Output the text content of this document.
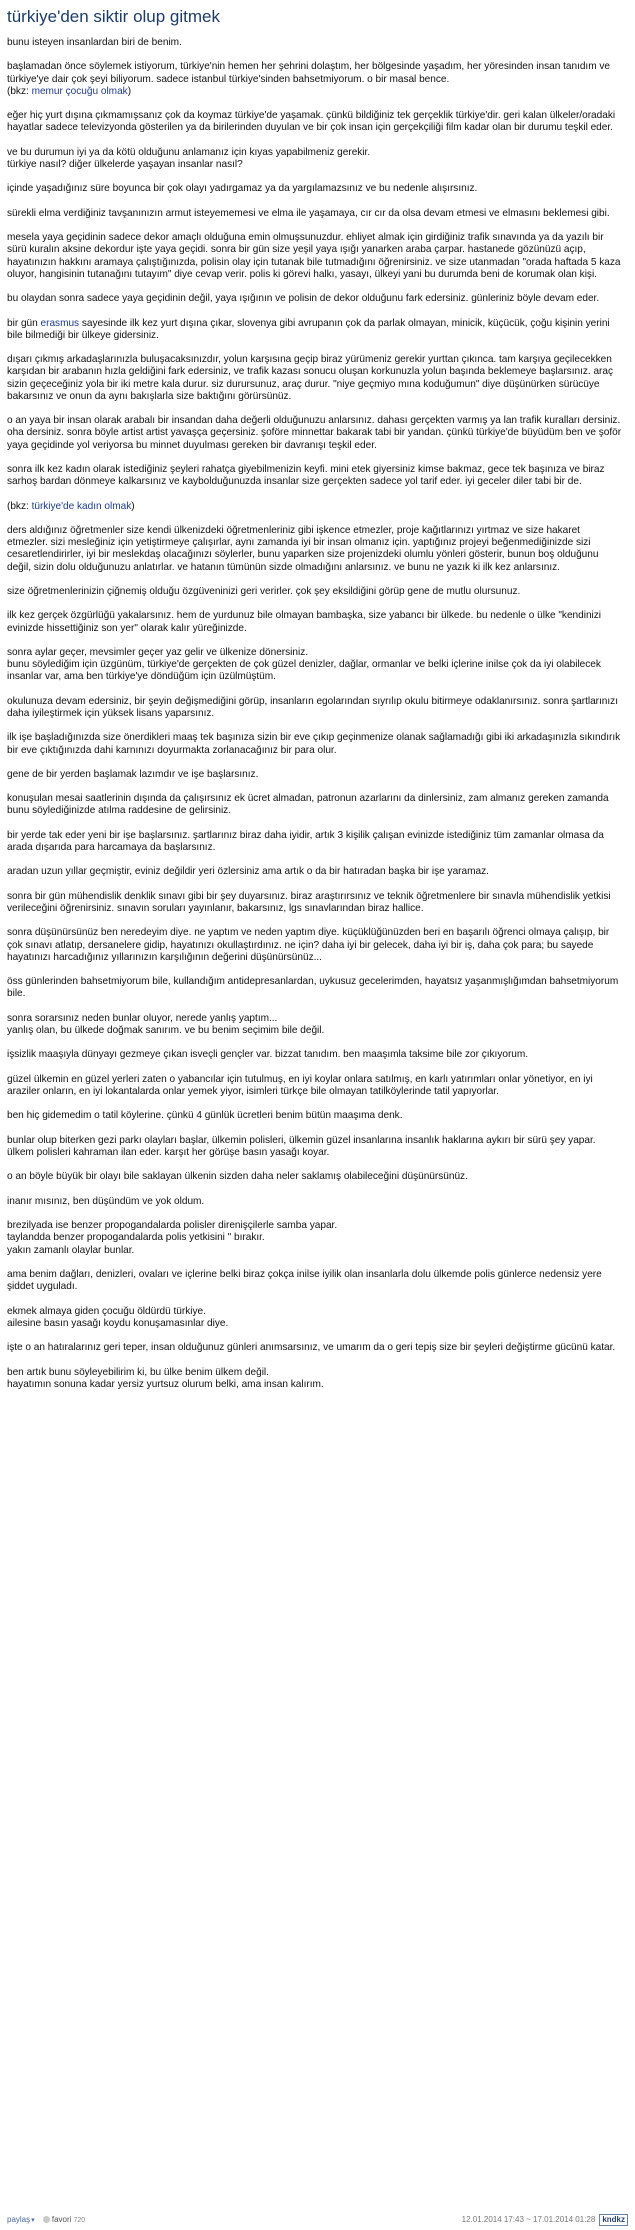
türkiye'den siktir olup gitmek

bunu isteyen insanlardan biri de benim.

başlamadan önce söylemek istiyorum, türkiye'nin hemen her şehrini dolaştım, her bölgesinde yaşadım, her yöresinden insan tanıdım ve türkiye'ye dair çok şeyi biliyorum. sadece istanbul türkiye'sinden bahsetmiyorum. o bir masal bence.
(bkz: memur çocuğu olmak)

eğer hiç yurt dışına çıkmamışsanız çok da koymaz türkiye'de yaşamak. çünkü bildiğiniz tek gerçeklik türkiye'dir. geri kalan ülkeler/oradaki hayatlar sadece televizyonda gösterilen ya da birilerinden duyulan ve bir çok insan için gerçekçiliği film kadar olan bir durumu teşkil eder.

ve bu durumun iyi ya da kötü olduğunu anlamanız için kıyas yapabilmeniz gerekir.
türkiye nasıl? diğer ülkelerde yaşayan insanlar nasıl?

içinde yaşadığınız süre boyunca bir çok olayı yadırgamaz ya da yargılamazsınız ve bu nedenle alışırsınız.

sürekli elma verdiğiniz tavşanınızın armut isteyememesi ve elma ile yaşamaya, cır cır da olsa devam etmesi ve elmasını beklemesi gibi.

mesela yaya geçidinin sadece dekor amaçlı olduğuna emin olmuşsunuzdur. ehliyet almak için girdiğiniz trafik sınavında ya da yazılı bir sürü kuralın aksine dekordur işte yaya geçidi. sonra bir gün size yeşil yaya ışığı yanarken araba çarpar. hastanede gözünüzü açıp, hayatınızın hakkını aramaya çalıştığınızda, polisin olay için tutanak bile tutmadığını öğrenirsiniz. ve size utanmadan "orada haftada 5 kaza oluyor, hangisinin tutanağını tutayım" diye cevap verir. polis ki görevi halkı, yasayı, ülkeyi yani bu durumda beni de korumak olan kişi.

bu olaydan sonra sadece yaya geçidinin değil, yaya ışığının ve polisin de dekor olduğunu fark edersiniz. günleriniz böyle devam eder.

bir gün erasmus sayesinde ilk kez yurt dışına çıkar, slovenya gibi avrupanın çok da parlak olmayan, minicik, küçücük, çoğu kişinin yerini bile bilmediği bir ülkeye gidersiniz.

dışarı çıkmış arkadaşlarınızla buluşacaksınızdır, yolun karşısına geçip biraz yürümeniz gerekir yurttan çıkınca. tam karşıya geçilecekken karşıdan bir arabanın hızla geldiğini fark edersiniz, ve trafik kazası sonucu oluşan korkunuzla yolun başında beklemeye başlarsınız. araç sizin geçeceğiniz yola bir iki metre kala durur. siz durursunuz, araç durur. "niye geçmiyo mına koduğumun" diye düşünürken sürücüye bakarsınız ve onun da aynı bakışlarla size baktığını görürsünüz.

o an yaya bir insan olarak arabalı bir insandan daha değerli olduğunuzu anlarsınız. dahası gerçekten varmış ya lan trafik kuralları dersiniz. oha dersiniz. sonra böyle artist artist yavaşça geçersiniz. şoföre minnettar bakarak tabi bir yandan. çünkü türkiye'de büyüdüm ben ve şoför yaya geçidinde yol veriyorsa bu minnet duyulması gereken bir davranışı teşkil eder.

sonra ilk kez kadın olarak istediğiniz şeyleri rahatça giyebilmenizin keyfi. mini etek giyersiniz kimse bakmaz, gece tek başınıza ve biraz sarhoş bardan dönmeye kalkarsınız ve kaybolduğunuzda insanlar size gerçekten sadece yol tarif eder. iyi geceler diler tabi bir de.

(bkz: türkiye'de kadın olmak)

ders aldığınız öğretmenler size kendi ülkenizdeki öğretmenleriniz gibi işkence etmezler, proje kağıtlarınızı yırtmaz ve size hakaret etmezler. sizi mesleğiniz için yetiştirmeye çalışırlar, aynı zamanda iyi bir insan olmanız için. yaptığınız projeyi beğenmediğinizde sizi cesaretlendirirler, iyi bir meslekdaş olacağınızı söylerler, bunu yaparken size projenizdeki olumlu yönleri gösterir, bunun boş olduğunu değil, sizin dolu olduğunuzu anlatırlar. ve hatanın tümünün sizde olmadığını anlarsınız. ve bunu ne yazık ki ilk kez anlarsınız.

size öğretmenlerinizin çiğnemiş olduğu özgüveninizi geri verirler. çok şey eksildiğini görüp gene de mutlu olursunuz.

ilk kez gerçek özgürlüğü yakalarsınız. hem de yurdunuz bile olmayan bambaşka, size yabancı bir ülkede. bu nedenle o ülke "kendinizi evinizde hissettiğiniz son yer" olarak kalır yüreğinizde.

sonra aylar geçer, mevsimler geçer yaz gelir ve ülkenize dönersiniz.
bunu söylediğim için üzgünüm, türkiye'de gerçekten de çok güzel denizler, dağlar, ormanlar ve belki içlerine inilse çok da iyi olabilecek insanlar var, ama ben türkiye'ye döndüğüm için üzülmüştüm.

okulunuza devam edersiniz, bir şeyin değişmediğini görüp, insanların egolarından sıyrılıp okulu bitirmeye odaklanırsınız. sonra şartlarınızı daha iyileştirmek için yüksek lisans yaparsınız.

ilk işe başladığınızda size önerdikleri maaş tek başınıza sizin bir eve çıkıp geçinmenize olanak sağlamadığı gibi iki arkadaşınızla sıkındırık bir eve çıktığınızda dahi karnınızı doyurmakta zorlanacağınız bir para olur.

gene de bir yerden başlamak lazımdır ve işe başlarsınız.

konuşulan mesai saatlerinin dışında da çalışırsınız ek ücret almadan, patronun azarlarını da dinlersiniz, zam almanız gereken zamanda bunu söylediğinizde atılma raddesine de gelirsiniz.

bir yerde tak eder yeni bir işe başlarsınız. şartlarınız biraz daha iyidir, artık 3 kişilik çalışan evinizde istediğiniz tüm zamanlar olmasa da arada dışarıda para harcamaya da başlarsınız.

aradan uzun yıllar geçmiştir, eviniz değildir yeri özlersiniz ama artık o da bir hatıradan başka bir işe yaramaz.

sonra bir gün mühendislik denklik sınavı gibi bir şey duyarsınız. biraz araştırırsınız ve teknik öğretmenlere bir sınavla mühendislik yetkisi verileceğini öğrenirsiniz. sınavın soruları yayınlanır, bakarsınız, lgs sınavlarından biraz hallice.

sonra düşünürsünüz ben neredeyim diye. ne yaptım ve neden yaptım diye. küçüklüğünüzden beri en başarılı öğrenci olmaya çalışıp, bir çok sınavı atlatıp, dersanelere gidip, hayatınızı okullaştırdınız. ne için? daha iyi bir gelecek, daha iyi bir iş, daha çok para; bu sayede hayatınızı harcadığınız yıllarınızın karşılığının değerini düşünürsünüz...

öss günlerinden bahsetmiyorum bile, kullandığım antidepresanlardan, uykusuz gecelerimden, hayatsız yaşanmışlığımdan bahsetmiyorum bile.

sonra sorarsınız neden bunlar oluyor, nerede yanlış yaptım...
yanlış olan, bu ülkede doğmak sanırım. ve bu benim seçimim bile değil.

işsizlik maaşıyla dünyayı gezmeye çıkan isveçli gençler var. bizzat tanıdım. ben maaşımla taksime bile zor çıkıyorum.

güzel ülkemin en güzel yerleri zaten o yabancılar için tutulmuş, en iyi koylar onlara satılmış, en karlı yatırımları onlar yönetiyor, en iyi araziler onların, en iyi lokantalarda onlar yemek yiyor, isimleri türkçe bile olmayan tatilköylerinde tatil yapıyorlar.

ben hiç gidemedim o tatil köylerine. çünkü 4 günlük ücretleri benim bütün maaşıma denk.

bunlar olup biterken gezi parkı olayları başlar, ülkemin polisleri, ülkemin güzel insanlarına insanlık haklarına aykırı bir sürü şey yapar. ülkem polisleri kahraman ilan eder. karşıt her görüşe basın yasağı koyar.

o an böyle büyük bir olayı bile saklayan ülkenin sizden daha neler saklamış olabileceğini düşünürsünüz.

inanır mısınız, ben düşündüm ve yok oldum.

brezilyada ise benzer propogandalarda polisler direnişçilerle samba yapar.
taylandda benzer propogandalarda polis yetkisini " bırakır.
yakın zamanlı olaylar bunlar.

ama benim dağları, denizleri, ovaları ve içlerine belki biraz çokça inilse iyilik olan insanlarla dolu ülkemde polis günlerce nedensiz yere şiddet uyguladı.

ekmek almaya giden çocuğu öldürdü türkiye.
ailesine basın yasağı koydu konuşamasınlar diye.

işte o an hatıralarınız geri teper, insan olduğunuz günleri anımsarsınız, ve umarım da o geri tepiş size bir şeyleri değiştirme gücünü katar.

ben artık bunu söyleyebilirim ki, bu ülke benim ülkem değil.
hayatımın sonuna kadar yersiz yurtsuz olurum belki, ama insan kalırım.

paylaş▾ favori 720	12.01.2014 17:43 ~ 17.01.2014 01:28 kndkz
